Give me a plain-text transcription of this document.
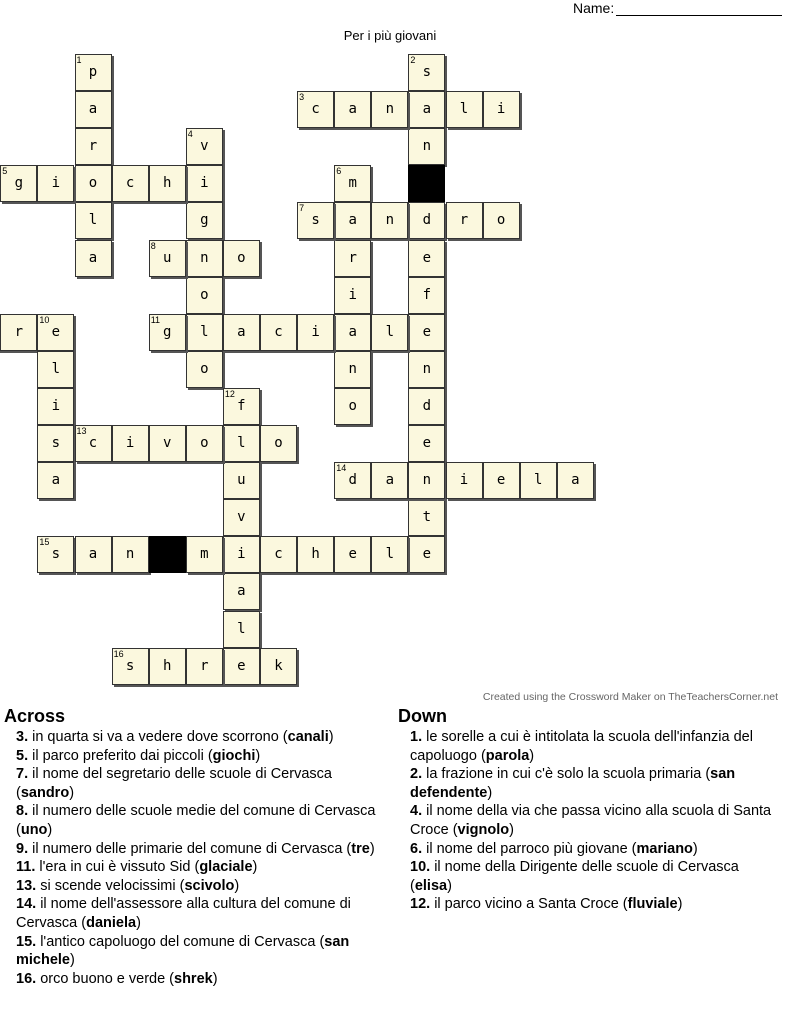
Name:
Per i più giovani
1
p
a
r
o
l
a
2
s
a
n
d
e
f
e
n
d
e
t
e
3
c	a	n	l	i
4
v
i
g
n
o
l
o
5
g	i	c	h
6
m
a
r
i
a
n
o
7
s	n	r	o
8
u	o
r
10
e
l
i
s
a
11
g	a	c	i	l
12
f
l
u
v
i
a
l
e
13
c	i	v	o	o
14
d	a	n	i	e	l	a
15
s	a	n	m	c	h	e	l
16
s	h	r	k
Created using the Crossword Maker on TheTeachersCorner.net
Across
3. in quarta si va a vedere dove scorrono (canali)
5. il parco preferito dai piccoli (giochi)
7. il nome del segretario delle scuole di Cervasca (sandro)
8. il numero delle scuole medie del comune di Cervasca (uno)
9. il numero delle primarie del comune di Cervasca (tre)
11. l'era in cui è vissuto Sid (glaciale)
13. si scende velocissimi (scivolo)
14. il nome dell'assessore alla cultura del comune di Cervasca (daniela)
15. l'antico capoluogo del comune di Cervasca (san michele)
16. orco buono e verde (shrek)
Down
1. le sorelle a cui è intitolata la scuola dell'infanzia del capoluogo (parola)
2. la frazione in cui c'è solo la scuola primaria (san defendente)
4. il nome della via che passa vicino alla scuola di Santa Croce (vignolo)
6. il nome del parroco più giovane (mariano)
10. il nome della Dirigente delle scuole di Cervasca (elisa)
12. il parco vicino a Santa Croce (fluviale)
